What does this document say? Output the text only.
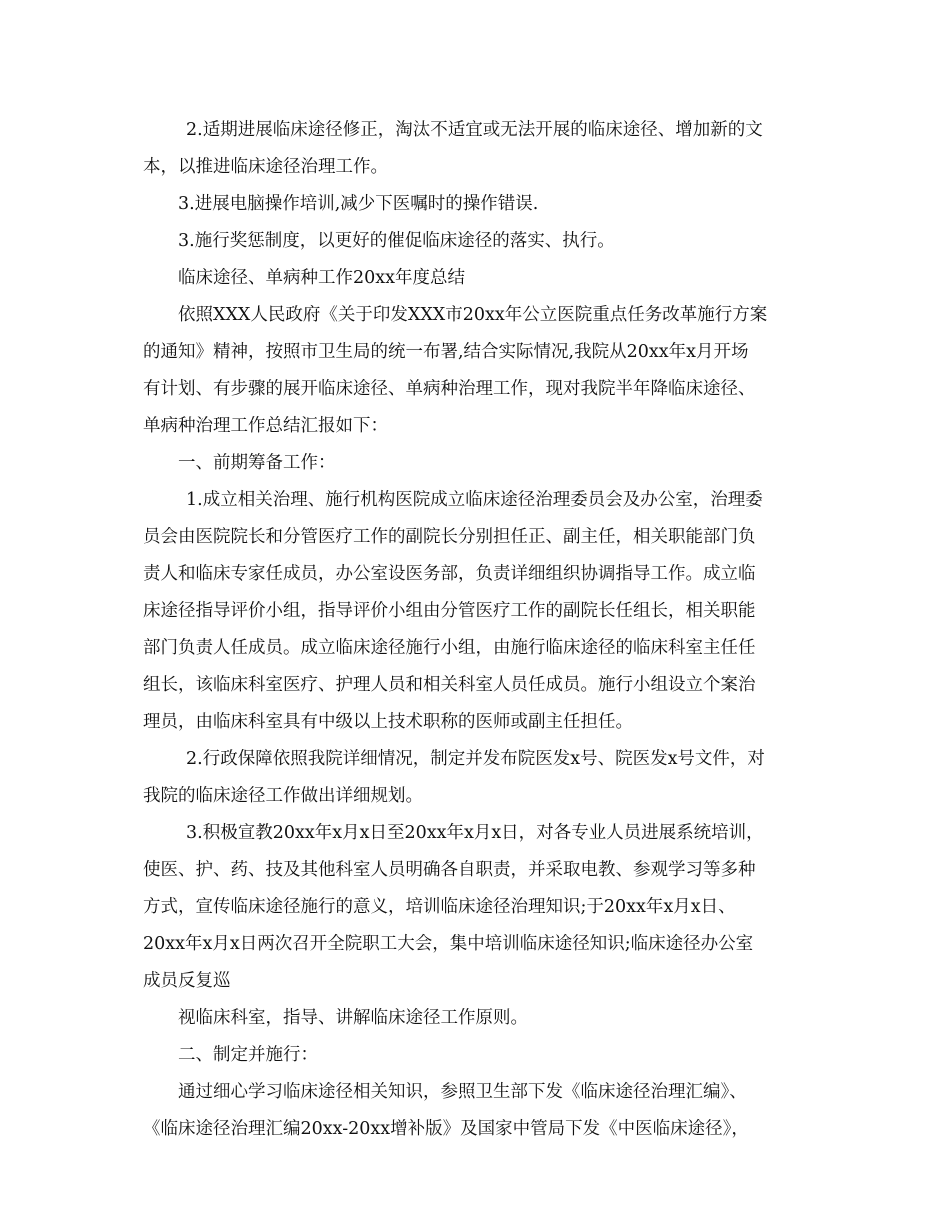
2.适期进展临床途径修正，淘汰不适宜或无法开展的临床途径、增加新的文
本，以推进临床途径治理工作。
3.进展电脑操作培训,减少下医嘱时的操作错误.
3.施行奖惩制度，以更好的催促临床途径的落实、执行。
临床途径、单病种工作20xx年度总结
依照XXX人民政府《关于印发XXX市20xx年公立医院重点任务改革施行方案
的通知》精神，按照市卫生局的统一布署,结合实际情况,我院从20xx年x月开场
有计划、有步骤的展开临床途径、单病种治理工作，现对我院半年降临床途径、
单病种治理工作总结汇报如下：
一、前期筹备工作：
1.成立相关治理、施行机构医院成立临床途径治理委员会及办公室，治理委
员会由医院院长和分管医疗工作的副院长分别担任正、副主任，相关职能部门负
责人和临床专家任成员，办公室设医务部，负责详细组织协调指导工作。成立临
床途径指导评价小组，指导评价小组由分管医疗工作的副院长任组长，相关职能
部门负责人任成员。成立临床途径施行小组，由施行临床途径的临床科室主任任
组长，该临床科室医疗、护理人员和相关科室人员任成员。施行小组设立个案治
理员，由临床科室具有中级以上技术职称的医师或副主任担任。
2.行政保障依照我院详细情况，制定并发布院医发x号、院医发x号文件，对
我院的临床途径工作做出详细规划。
3.积极宣教20xx年x月x日至20xx年x月x日，对各专业人员进展系统培训，
使医、护、药、技及其他科室人员明确各自职责，并采取电教、参观学习等多种
方式，宣传临床途径施行的意义，培训临床途径治理知识;于20xx年x月x日、
20xx年x月x日两次召开全院职工大会，集中培训临床途径知识;临床途径办公室
成员反复巡
视临床科室，指导、讲解临床途径工作原则。
二、制定并施行：
通过细心学习临床途径相关知识，参照卫生部下发《临床途径治理汇编》、
《临床途径治理汇编20xx-20xx增补版》及国家中管局下发《中医临床途径》，
